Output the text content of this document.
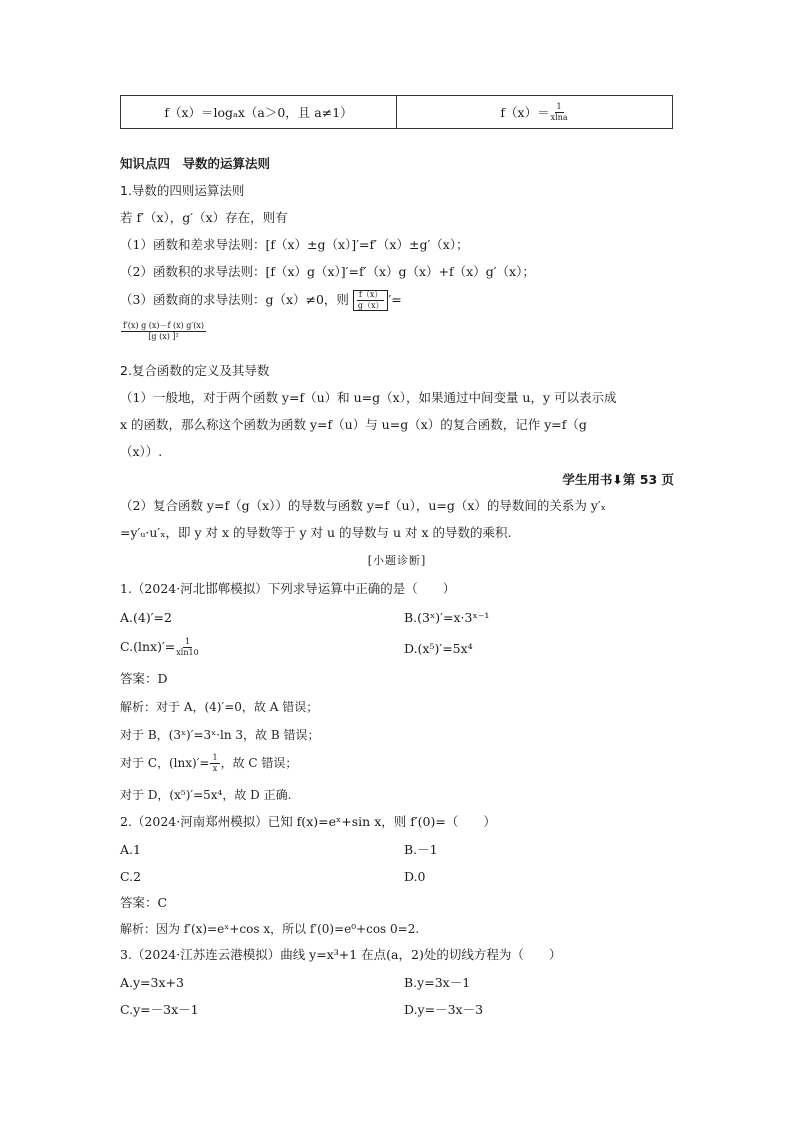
f（x）＝logₐx（a＞0，且 a≠1）	$f(x)= \frac{1}{xlna}$
知识点四　导数的运算法则
1.导数的四则运算法则
若 f′（x），g′（x）存在，则有
（1）函数和差求导法则：[f（x）±g（x）]′=f′（x）±g′（x）；
（2）函数积的求导法则：[f（x）g（x）]′=f′（x）g（x）+f（x）g′（x）；
（3）函数商的求导法则：g（x）≠0，则 $\frac{f(x)}{g(x)}$ ′=
$\frac{f'(x) g (x)-f (x) g'(x)}{\text{[g (x) ]²}}$
2.复合函数的定义及其导数
（1）一般地，对于两个函数 y=f（u）和 u=g（x），如果通过中间变量 u，y 可以表示成
x 的函数，那么称这个函数为函数 y=f（u）与 u=g（x）的复合函数，记作 y=f（g
（x））.
学生用书⬇第 53 页
（2）复合函数 y=f（g（x））的导数与函数 y=f（u），u=g（x）的导数间的关系为 y′ₓ
=y′ᵤ·u′ₓ，即 y 对 x 的导数等于 y 对 u 的导数与 u 对 x 的导数的乘积.
[小题诊断]
1.（2024·河北邯郸模拟）下列求导运算中正确的是（　　）
A.(4)′=2	B.(3ˣ)′=x·3ˣ⁻¹
$C.(\ln x)'= \frac{1}{xln10}$	D.(x⁵)′=5x⁴
答案：D
解析：对于 A，(4)′=0，故 A 错误；
对于 B，(3ˣ)′=3ˣ·ln 3，故 B 错误；
对于 C，$(\ln x)'= \frac{1}{x}$ ，故 C 错误；
对于 D，(x⁵)′=5x⁴，故 D 正确.
2.（2024·河南郑州模拟）已知 f(x)=eˣ+sin x，则 f′(0)=（　　）
A.1	B.－1
C.2	D.0
答案：C
解析：因为 f′(x)=eˣ+cos x，所以 f′(0)=e⁰+cos 0=2.
3.（2024·江苏连云港模拟）曲线 y=x³+1 在点(a，2)处的切线方程为（　　）
A.y=3x+3	B.y=3x－1
C.y=－3x－1	D.y=－3x－3
